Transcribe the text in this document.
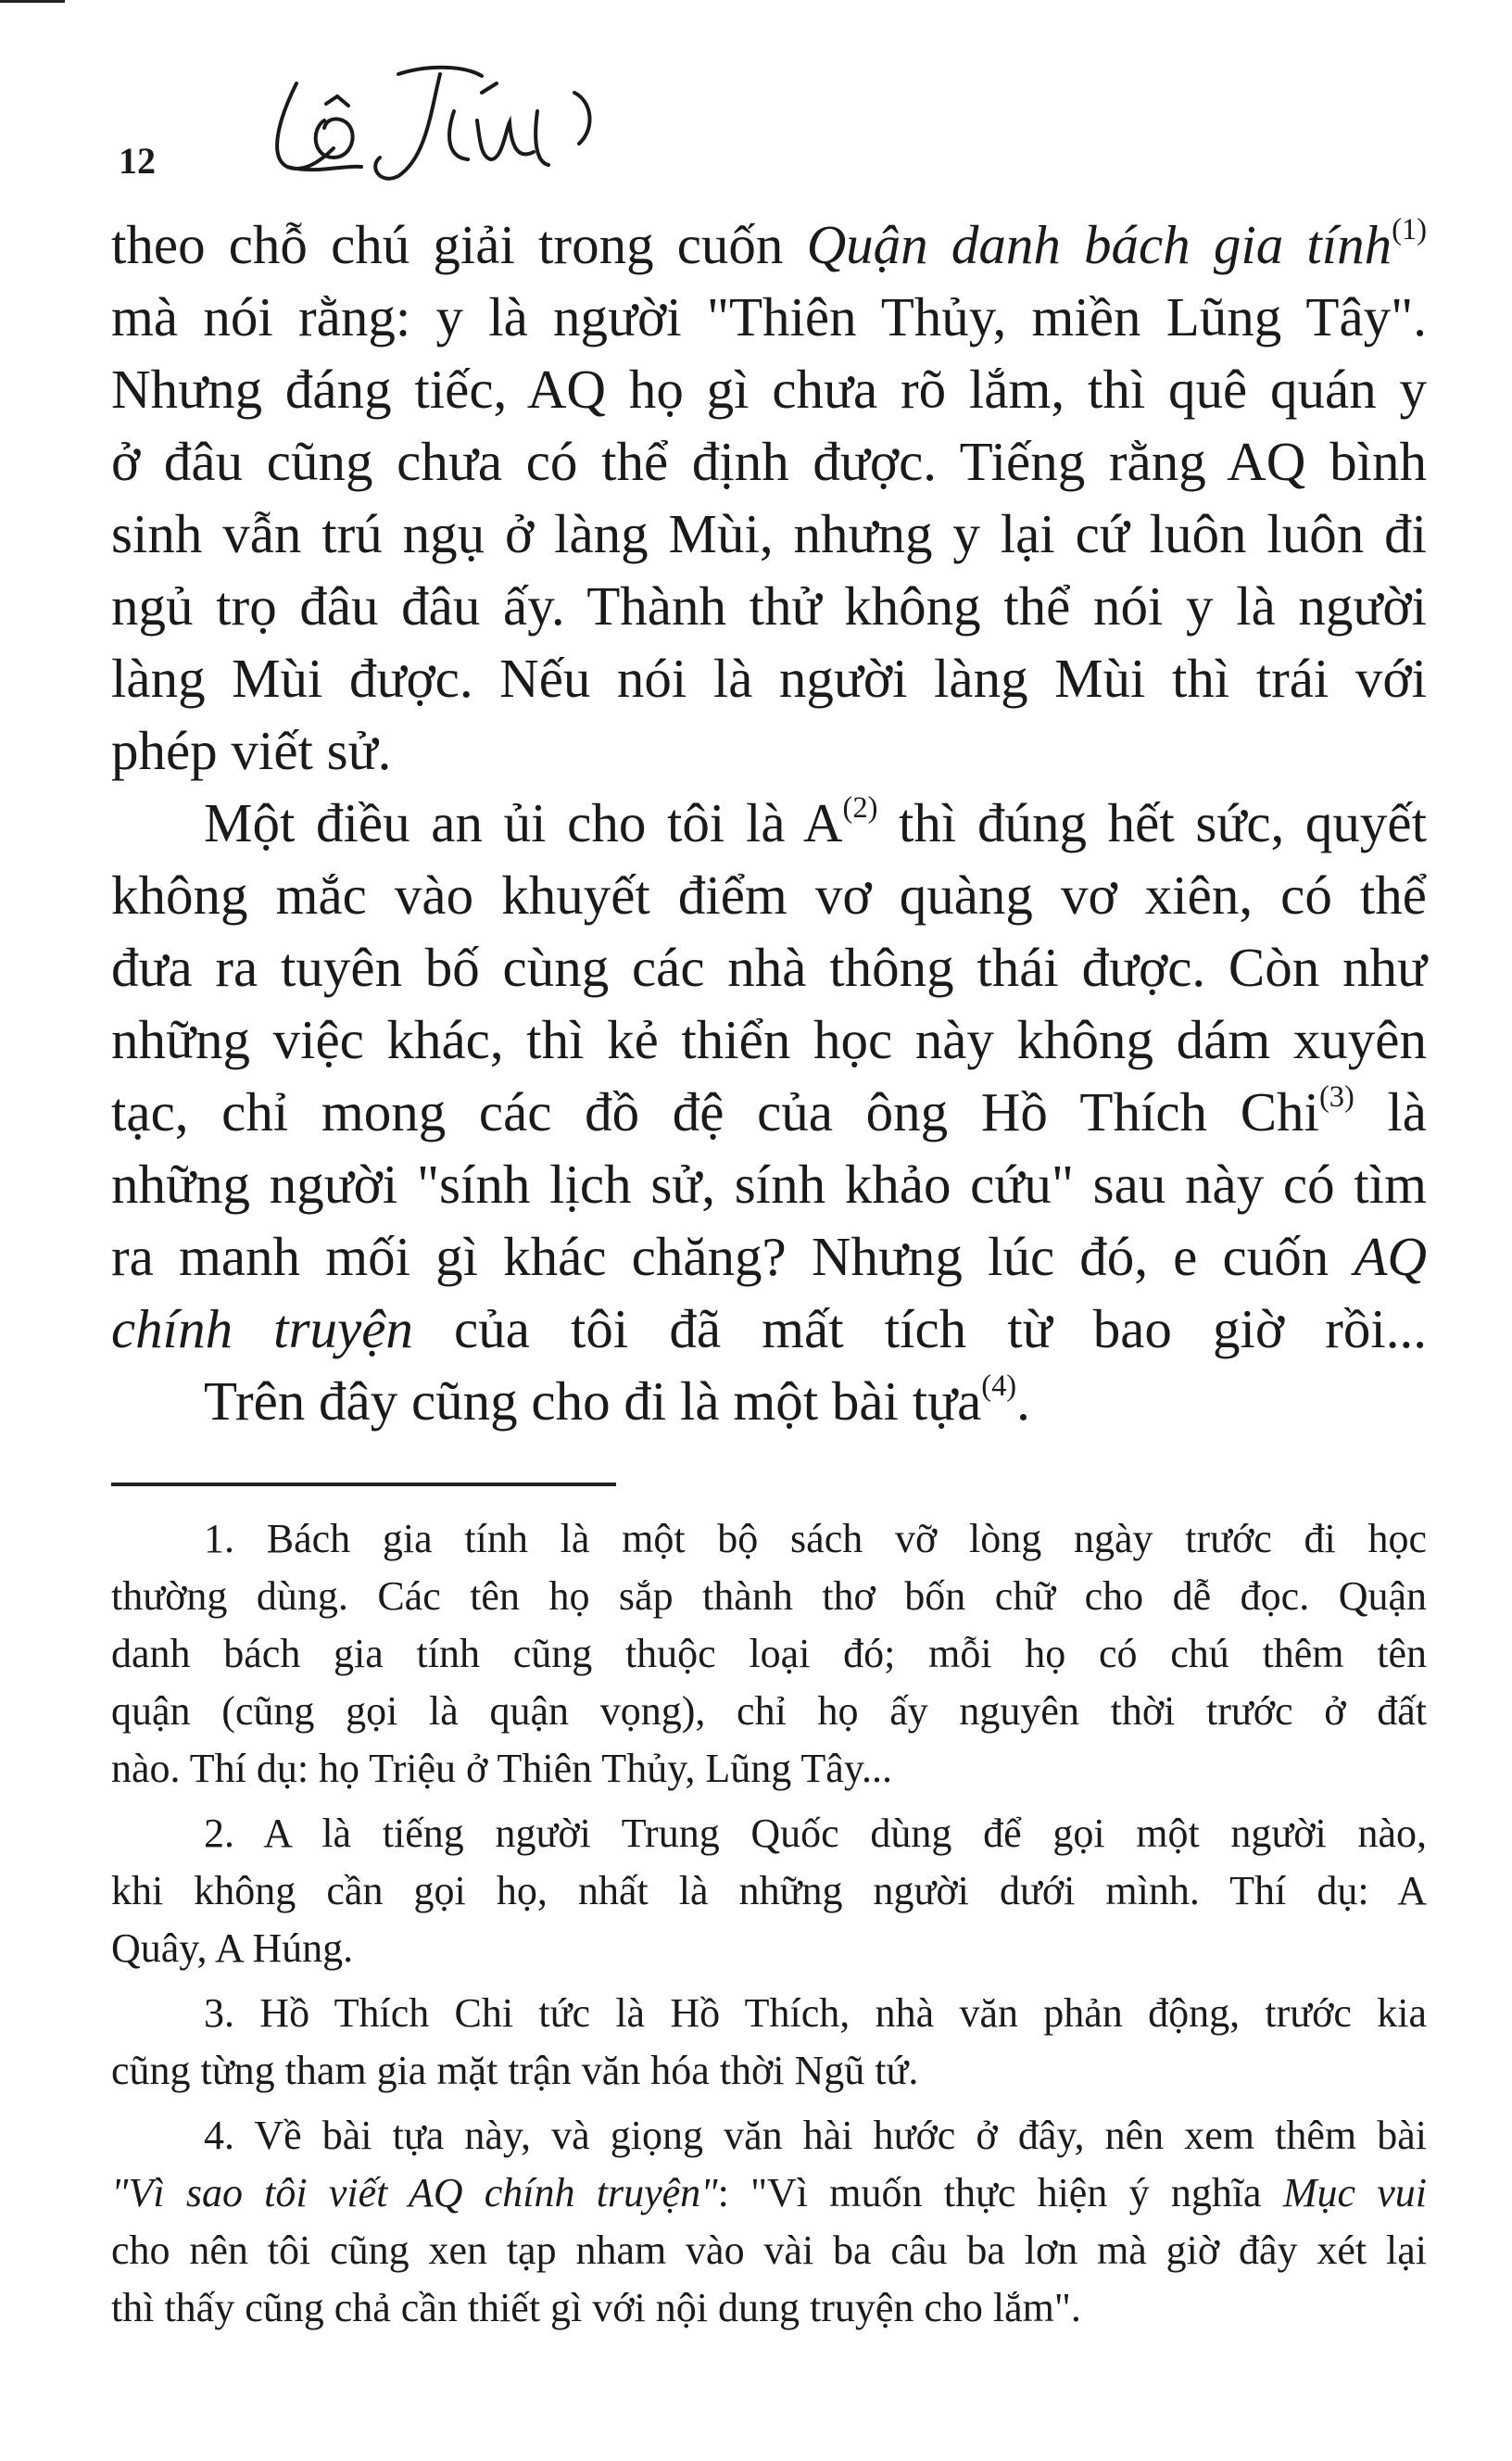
12

theo chỗ chú giải trong cuốn Quận danh bách gia tính$^{(1)}$
mà nói rằng: y là người "Thiên Thủy, miền Lũng Tây".
Nhưng đáng tiếc, AQ họ gì chưa rõ lắm, thì quê quán y
ở đâu cũng chưa có thể định được. Tiếng rằng AQ bình
sinh vẫn trú ngụ ở làng Mùi, nhưng y lại cứ luôn luôn đi
ngủ trọ đâu đâu ấy. Thành thử không thể nói y là người
làng Mùi được. Nếu nói là người làng Mùi thì trái với
phép viết sử.

Một điều an ủi cho tôi là $A^{(2)}$ thì đúng hết sức, quyết
không mắc vào khuyết điểm vơ quàng vơ xiên, có thể
đưa ra tuyên bố cùng các nhà thông thái được. Còn như
những việc khác, thì kẻ thiển học này không dám xuyên
tạc, chỉ mong các đồ đệ của ông Hồ Thích Chi$^{(3)}$ là
những người "sính lịch sử, sính khảo cứu" sau này có tìm
ra manh mối gì khác chăng? Nhưng lúc đó, e cuốn AQ
chính truyện của tôi đã mất tích từ bao giờ rồi...

Trên đây cũng cho đi là một bài tựa$^{(4)}$.

1. Bách gia tính là một bộ sách vỡ lòng ngày trước đi học
thường dùng. Các tên họ sắp thành thơ bốn chữ cho dễ đọc. Quận
danh bách gia tính cũng thuộc loại đó; mỗi họ có chú thêm tên
quận (cũng gọi là quận vọng), chỉ họ ấy nguyên thời trước ở đất
nào. Thí dụ: họ Triệu ở Thiên Thủy, Lũng Tây...
2. A là tiếng người Trung Quốc dùng để gọi một người nào,
khi không cần gọi họ, nhất là những người dưới mình. Thí dụ: A
Quây, A Húng.
3. Hồ Thích Chi tức là Hồ Thích, nhà văn phản động, trước kia
cũng từng tham gia mặt trận văn hóa thời Ngũ tứ.
4. Về bài tựa này, và giọng văn hài hước ở đây, nên xem thêm bài
"Vì sao tôi viết AQ chính truyện": "Vì muốn thực hiện ý nghĩa Mục vui
cho nên tôi cũng xen tạp nham vào vài ba câu ba lơn mà giờ đây xét lại
thì thấy cũng chả cần thiết gì với nội dung truyện cho lắm".
